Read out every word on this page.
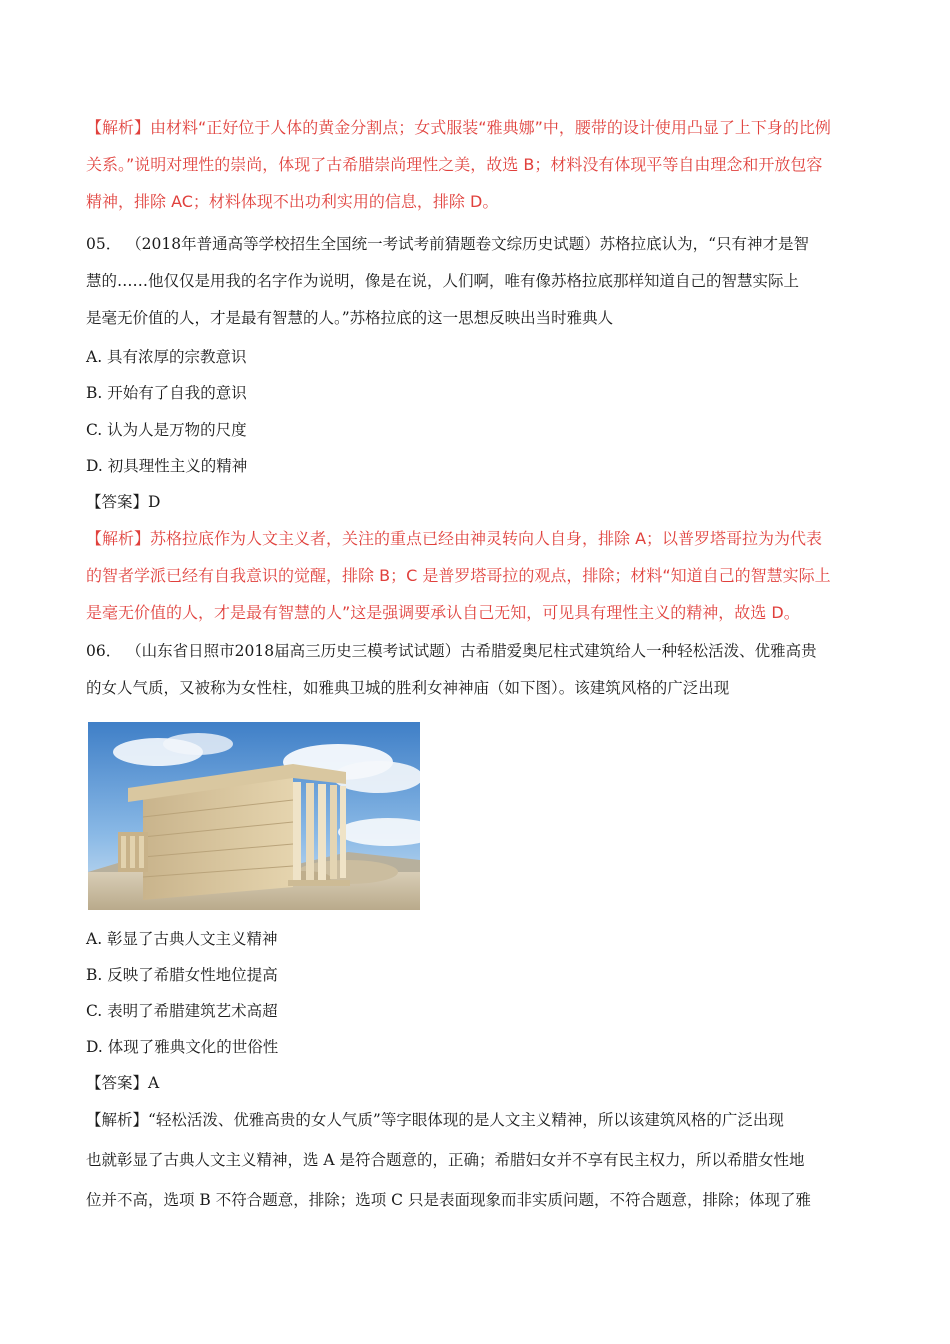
【解析】由材料“正好位于人体的黄金分割点；女式服装“雅典娜”中，腰带的设计使用凸显了上下身的比例
关系。”说明对理性的崇尚，体现了古希腊崇尚理性之美，故选 B；材料没有体现平等自由理念和开放包容
精神，排除 AC；材料体现不出功利实用的信息，排除 D。
05． （2018年普通高等学校招生全国统一考试考前猜题卷文综历史试题）苏格拉底认为，“只有神才是智
慧的……他仅仅是用我的名字作为说明，像是在说，人们啊，唯有像苏格拉底那样知道自己的智慧实际上
是毫无价值的人，才是最有智慧的人。”苏格拉底的这一思想反映出当时雅典人
A. 具有浓厚的宗教意识
B. 开始有了自我的意识
C. 认为人是万物的尺度
D. 初具理性主义的精神
【答案】D
【解析】苏格拉底作为人文主义者，关注的重点已经由神灵转向人自身，排除 A；以普罗塔哥拉为为代表
的智者学派已经有自我意识的觉醒，排除 B；C 是普罗塔哥拉的观点，排除；材料“知道自己的智慧实际上
是毫无价值的人，才是最有智慧的人”这是强调要承认自己无知，可见具有理性主义的精神，故选 D。
06． （山东省日照市2018届高三历史三模考试试题）古希腊爱奥尼柱式建筑给人一种轻松活泼、优雅高贵
的女人气质，又被称为女性柱，如雅典卫城的胜利女神神庙（如下图）。该建筑风格的广泛出现
A. 彰显了古典人文主义精神
B. 反映了希腊女性地位提高
C. 表明了希腊建筑艺术高超
D. 体现了雅典文化的世俗性
【答案】A
【解析】“轻松活泼、优雅高贵的女人气质”等字眼体现的是人文主义精神，所以该建筑风格的广泛出现
也就彰显了古典人文主义精神，选 A 是符合题意的，正确；希腊妇女并不享有民主权力，所以希腊女性地
位并不高，选项 B 不符合题意，排除；选项 C 只是表面现象而非实质问题，不符合题意，排除；体现了雅
